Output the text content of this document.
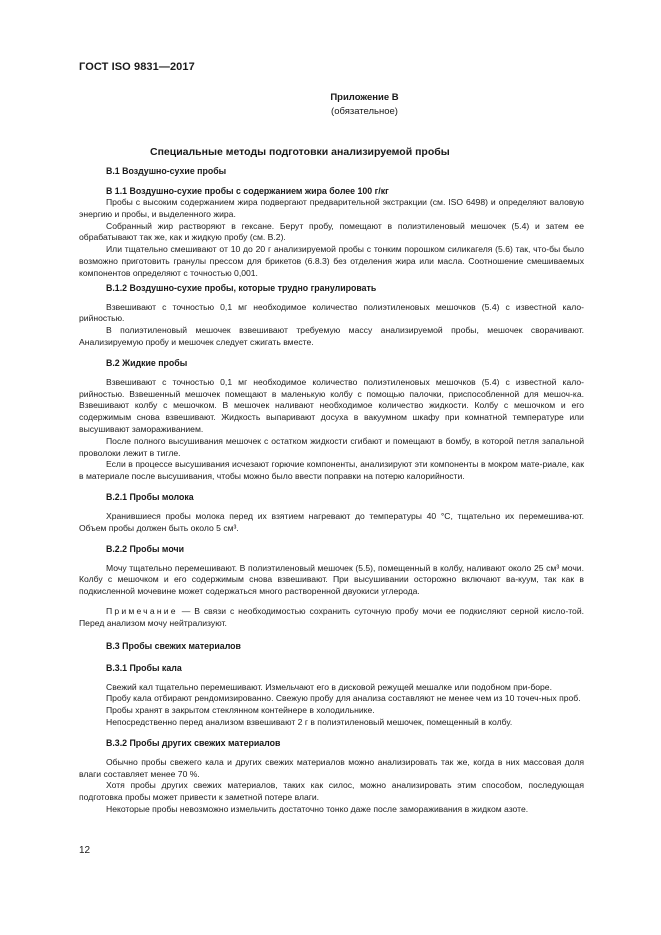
ГОСТ ISO 9831—2017
Приложение В
(обязательное)
Специальные методы подготовки анализируемой пробы
В.1 Воздушно-сухие пробы
В 1.1 Воздушно-сухие пробы с содержанием жира более 100 г/кг

Пробы с высоким содержанием жира подвергают предварительной экстракции (см. ISO 6498) и определяют валовую энергию и пробы, и выделенного жира.

Собранный жир растворяют в гексане. Берут пробу, помещают в полиэтиленовый мешочек (5.4) и затем ее обрабатывают так же, как и жидкую пробу (см. В.2).

Или тщательно смешивают от 10 до 20 г анализируемой пробы с тонким порошком силикагеля (5.6) так, что-бы было возможно приготовить гранулы прессом для брикетов (6.8.3) без отделения жира или масла. Соотношение смешиваемых компонентов определяют с точностью 0,001.

В.1.2 Воздушно-сухие пробы, которые трудно гранулировать

Взвешивают с точностью 0,1 мг необходимое количество полиэтиленовых мешочков (5.4) с известной кало-рийностью.

В полиэтиленовый мешочек взвешивают требуемую массу анализируемой пробы, мешочек сворачивают. Анализируемую пробу и мешочек следует сжигать вместе.

В.2 Жидкие пробы

Взвешивают с точностью 0,1 мг необходимое количество полиэтиленовых мешочков (5.4) с известной кало-рийностью. Взвешенный мешочек помещают в маленькую колбу с помощью палочки, приспособленной для мешоч-ка. Взвешивают колбу с мешочком. В мешочек наливают необходимое количество жидкости. Колбу с мешочком и его содержимым снова взвешивают. Жидкость выпаривают досуха в вакуумном шкафу при комнатной температуре или высушивают замораживанием.

После полного высушивания мешочек с остатком жидкости сгибают и помещают в бомбу, в которой петля запальной проволоки лежит в тигле.

Если в процессе высушивания исчезают горючие компоненты, анализируют эти компоненты в мокром мате-риале, как в материале после высушивания, чтобы можно было ввести поправки на потерю калорийности.

В.2.1 Пробы молока

Хранившиеся пробы молока перед их взятием нагревают до температуры 40 °С, тщательно их перемешива-ют. Объем пробы должен быть около 5 см³.

В.2.2 Пробы мочи

Мочу тщательно перемешивают. В полиэтиленовый мешочек (5.5), помещенный в колбу, наливают около 25 см³ мочи. Колбу с мешочком и его содержимым снова взвешивают. При высушивании осторожно включают ва-куум, так как в подкисленной мочевине может содержаться много растворенной двуокиси углерода.

Примечание — В связи с необходимостью сохранить суточную пробу мочи ее подкисляют серной кисло-той. Перед анализом мочу нейтрализуют.

В.3 Пробы свежих материалов
В.3.1 Пробы кала

Свежий кал тщательно перемешивают. Измельчают его в дисковой режущей мешалке или подобном при-боре.

Пробу кала отбирают рендомизированно. Свежую пробу для анализа составляют не менее чем из 10 точеч-ных проб.

Пробы хранят в закрытом стеклянном контейнере в холодильнике.

Непосредственно перед анализом взвешивают 2 г в полиэтиленовый мешочек, помещенный в колбу.

В.3.2 Пробы других свежих материалов

Обычно пробы свежего кала и других свежих материалов можно анализировать так же, когда в них массовая доля влаги составляет менее 70 %.

Хотя пробы других свежих материалов, таких как силос, можно анализировать этим способом, последующая подготовка пробы может привести к заметной потере влаги.

Некоторые пробы невозможно измельчить достаточно тонко даже после замораживания в жидком азоте.

12
